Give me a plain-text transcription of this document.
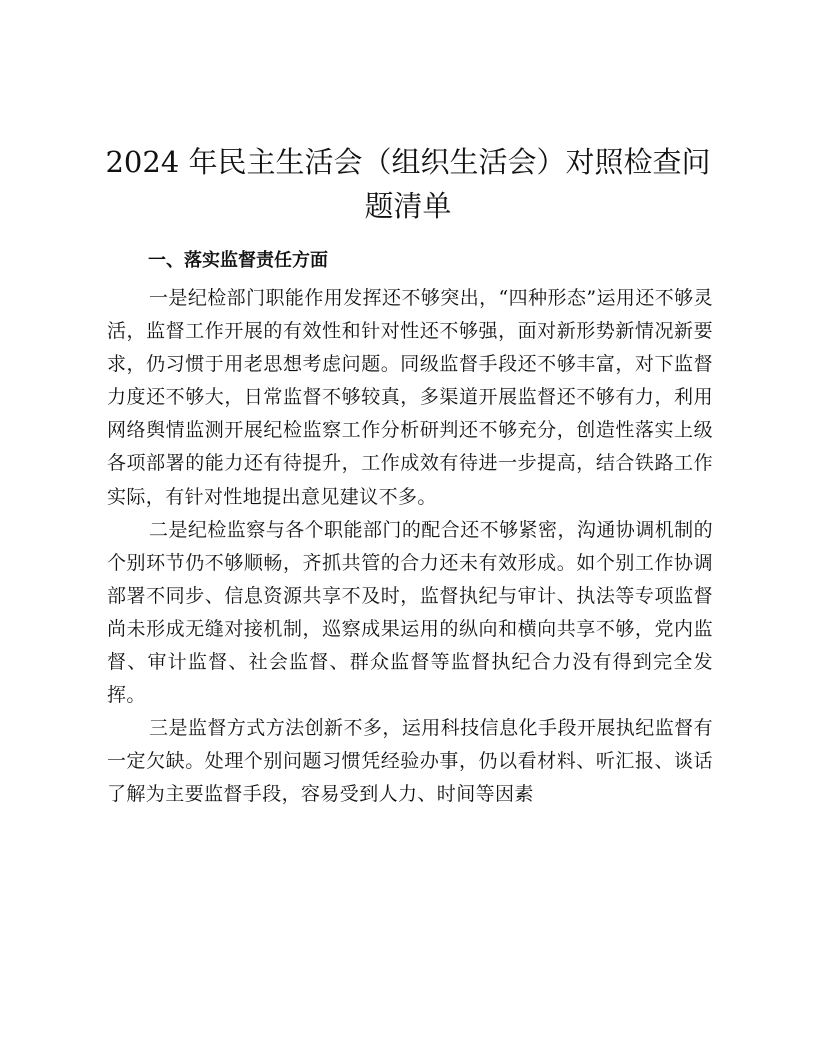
2024 年民主生活会（组织生活会）对照检查问题清单
一、落实监督责任方面

一是纪检部门职能作用发挥还不够突出，“四种形态”运用还不够灵活，监督工作开展的有效性和针对性还不够强，面对新形势新情况新要求，仍习惯于用老思想考虑问题。同级监督手段还不够丰富，对下监督力度还不够大，日常监督不够较真，多渠道开展监督还不够有力，利用网络舆情监测开展纪检监察工作分析研判还不够充分，创造性落实上级各项部署的能力还有待提升，工作成效有待进一步提高，结合铁路工作实际，有针对性地提出意见建议不多。

二是纪检监察与各个职能部门的配合还不够紧密，沟通协调机制的个别环节仍不够顺畅，齐抓共管的合力还未有效形成。如个别工作协调部署不同步、信息资源共享不及时，监督执纪与审计、执法等专项监督尚未形成无缝对接机制，巡察成果运用的纵向和横向共享不够，党内监督、审计监督、社会监督、群众监督等监督执纪合力没有得到完全发挥。

三是监督方式方法创新不多，运用科技信息化手段开展执纪监督有一定欠缺。处理个别问题习惯凭经验办事，仍以看材料、听汇报、谈话了解为主要监督手段，容易受到人力、时间等因素
